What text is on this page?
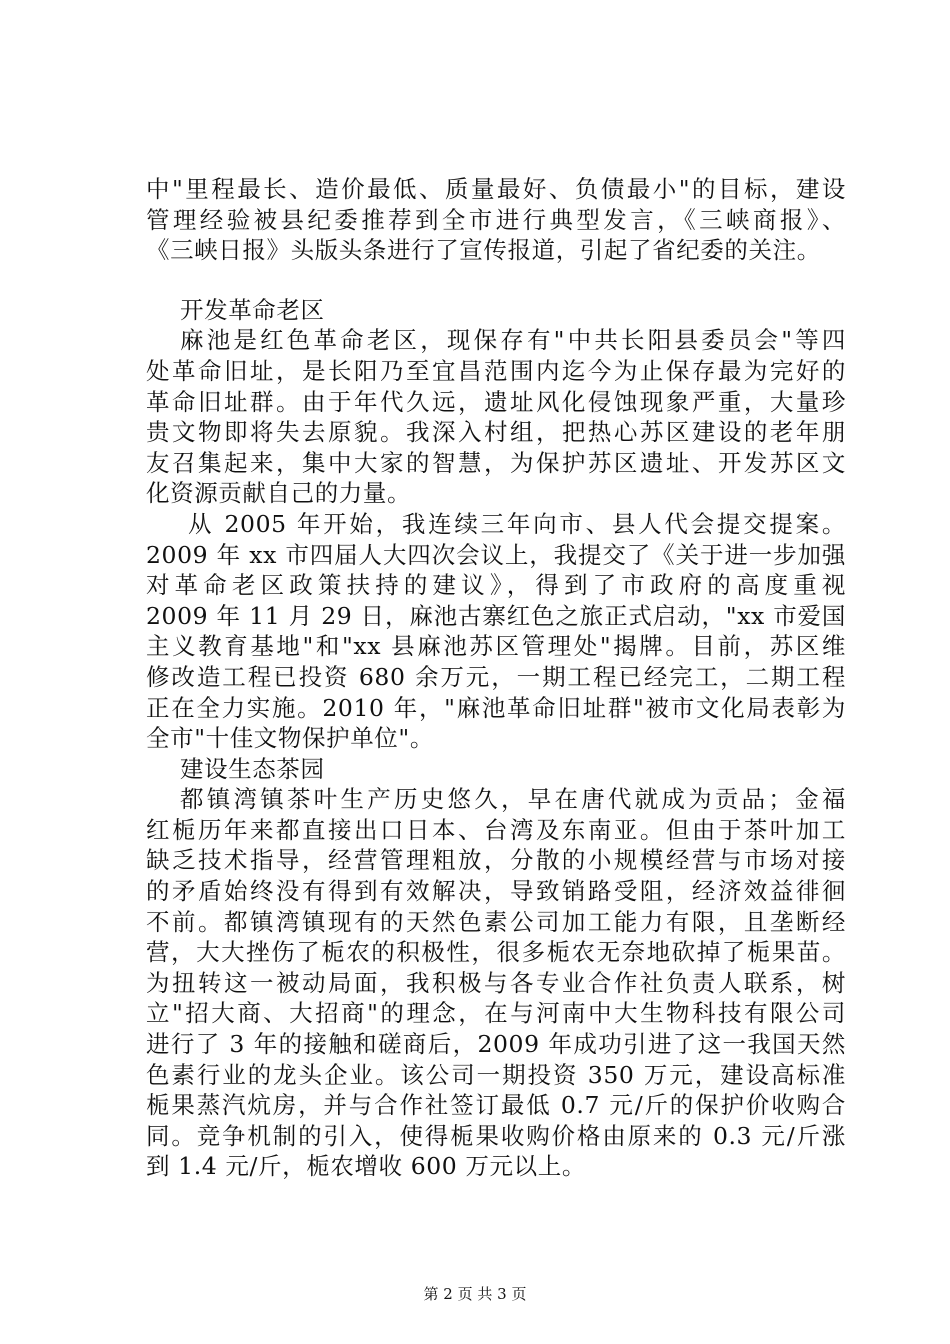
中"里程最长、造价最低、质量最好、负债最小"的目标，建设
管理经验被县纪委推荐到全市进行典型发言，《三峡商报》、
《三峡日报》头版头条进行了宣传报道，引起了省纪委的关注。
开发革命老区
麻池是红色革命老区，现保存有"中共长阳县委员会"等四
处革命旧址，是长阳乃至宜昌范围内迄今为止保存最为完好的
革命旧址群。由于年代久远，遗址风化侵蚀现象严重，大量珍
贵文物即将失去原貌。我深入村组，把热心苏区建设的老年朋
友召集起来，集中大家的智慧，为保护苏区遗址、开发苏区文
化资源贡献自己的力量。
从 2005 年开始，我连续三年向市、县人代会提交提案。
2009 年 xx 市四届人大四次会议上，我提交了《关于进一步加强
对革命老区政策扶持的建议》，得到了市政府的高度重视
2009 年 11 月 29 日，麻池古寨红色之旅正式启动，"xx 市爱国
主义教育基地"和"xx 县麻池苏区管理处"揭牌。目前，苏区维
修改造工程已投资 680 余万元，一期工程已经完工，二期工程
正在全力实施。2010 年，"麻池革命旧址群"被市文化局表彰为
全市"十佳文物保护单位"。
建设生态茶园
都镇湾镇茶叶生产历史悠久，早在唐代就成为贡品；金福
红栀历年来都直接出口日本、台湾及东南亚。但由于茶叶加工
缺乏技术指导，经营管理粗放，分散的小规模经营与市场对接
的矛盾始终没有得到有效解决，导致销路受阻，经济效益徘徊
不前。都镇湾镇现有的天然色素公司加工能力有限，且垄断经
营，大大挫伤了栀农的积极性，很多栀农无奈地砍掉了栀果苗。
为扭转这一被动局面，我积极与各专业合作社负责人联系，树
立"招大商、大招商"的理念，在与河南中大生物科技有限公司
进行了 3 年的接触和磋商后，2009 年成功引进了这一我国天然
色素行业的龙头企业。该公司一期投资 350 万元，建设高标准
栀果蒸汽炕房，并与合作社签订最低 0.7 元/斤的保护价收购合
同。竞争机制的引入，使得栀果收购价格由原来的 0.3 元/斤涨
到 1.4 元/斤，栀农增收 600 万元以上。
第 2 页 共 3 页
